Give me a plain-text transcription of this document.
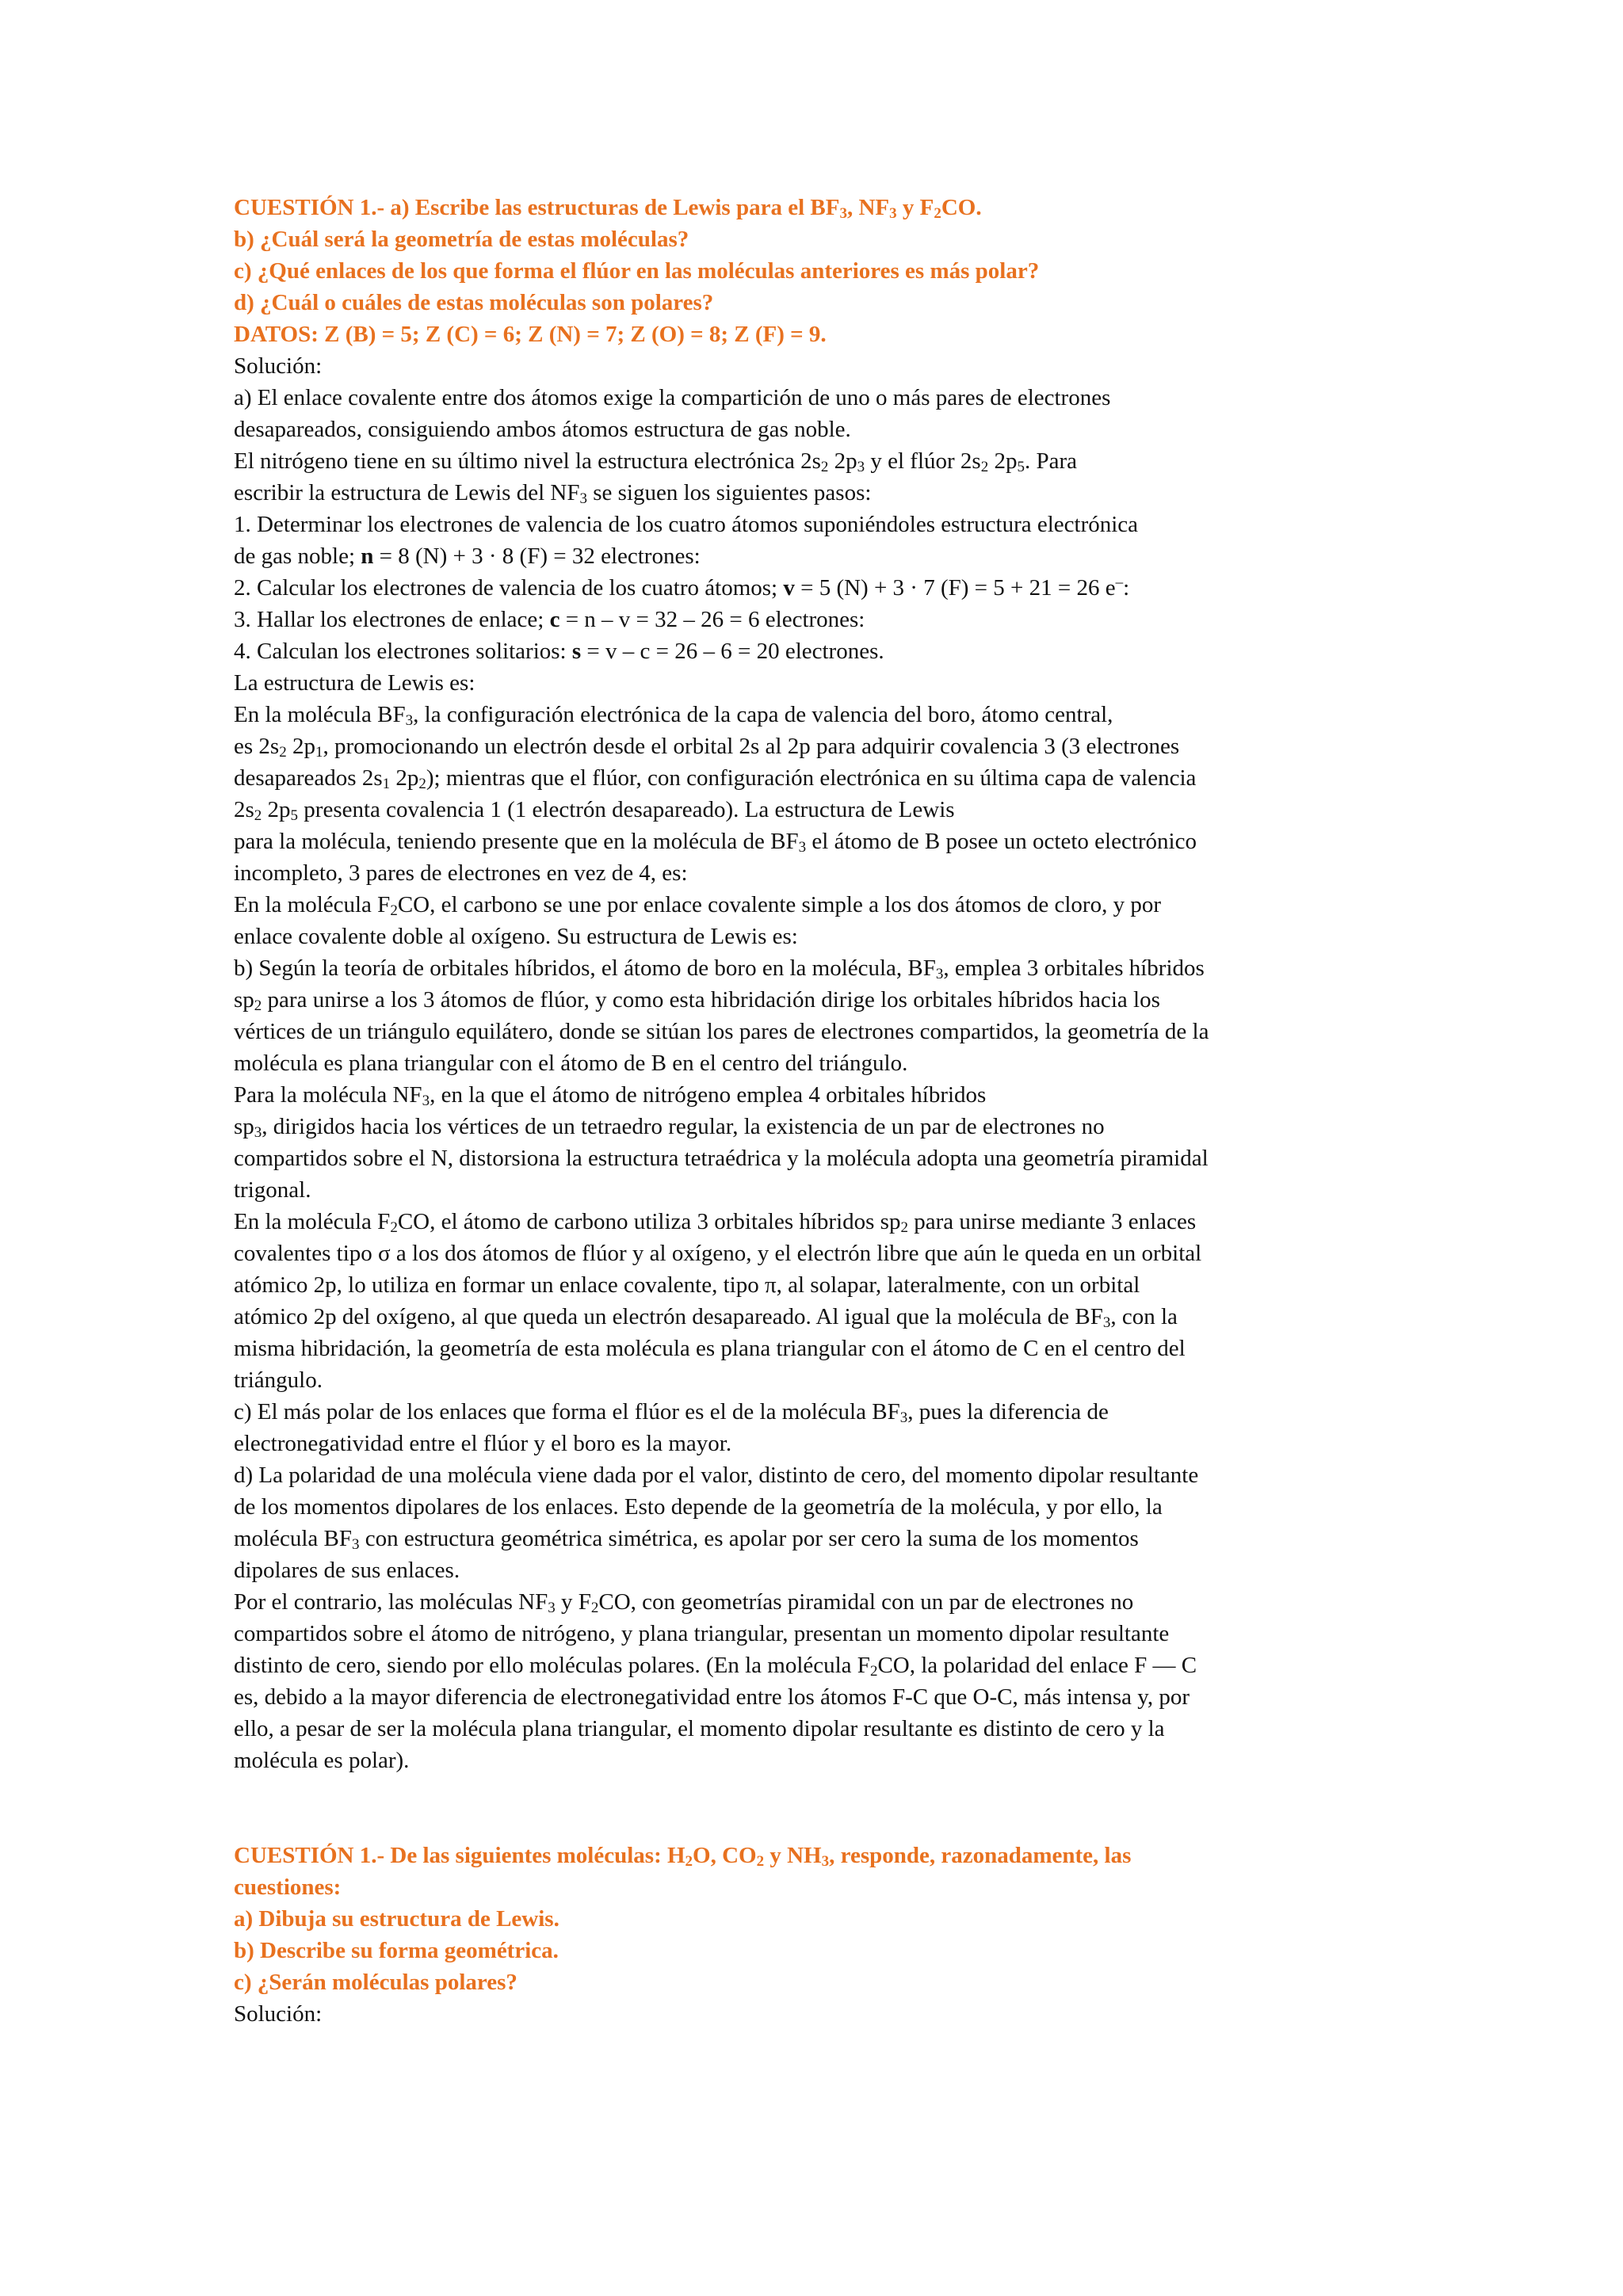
CUESTIÓN 1.- a) Escribe las estructuras de Lewis para el $BF_3$, $NF_3$ y $F_2CO$.
b) ¿Cuál será la geometría de estas moléculas?
c) ¿Qué enlaces de los que forma el flúor en las moléculas anteriores es más polar?
d) ¿Cuál o cuáles de estas moléculas son polares?
DATOS: Z (B) = 5; Z (C) = 6; Z (N) = 7; Z (O) = 8; Z (F) = 9.
Solución:
a) El enlace covalente entre dos átomos exige la compartición de uno o más pares de electrones
desapareados, consiguiendo ambos átomos estructura de gas noble.
El nitrógeno tiene en su último nivel la estructura electrónica $2s_2$ $2p_3$ y el flúor $2s_2$ $2p_5$. Para
escribir la estructura de Lewis del $NF_3$ se siguen los siguientes pasos:
1. Determinar los electrones de valencia de los cuatro átomos suponiéndoles estructura electrónica
de gas noble; n = 8 (N) + 3 · 8 (F) = 32 electrones:
2. Calcular los electrones de valencia de los cuatro átomos; v = 5 (N) + 3 · 7 (F) = 5 + 21 = 26 e–:
3. Hallar los electrones de enlace; c = n – v = 32 – 26 = 6 electrones:
4. Calculan los electrones solitarios: s = v – c = 26 – 6 = 20 electrones.
La estructura de Lewis es:
En la molécula $BF_3$, la configuración electrónica de la capa de valencia del boro, átomo central,
es $2s_2$ $2p_1$, promocionando un electrón desde el orbital 2s al 2p para adquirir covalencia 3 (3 electrones
desapareados $2s_1$ $2p_2$); mientras que el flúor, con configuración electrónica en su última capa de valencia
$2s_2$ $2p_5$ presenta covalencia 1 (1 electrón desapareado). La estructura de Lewis
para la molécula, teniendo presente que en la molécula de $BF_3$ el átomo de B posee un octeto electrónico
incompleto, 3 pares de electrones en vez de 4, es:
En la molécula $F_2CO$, el carbono se une por enlace covalente simple a los dos átomos de cloro, y por
enlace covalente doble al oxígeno. Su estructura de Lewis es:
b) Según la teoría de orbitales híbridos, el átomo de boro en la molécula, $BF_3$, emplea 3 orbitales híbridos
$sp_2$ para unirse a los 3 átomos de flúor, y como esta hibridación dirige los orbitales híbridos hacia los
vértices de un triángulo equilátero, donde se sitúan los pares de electrones compartidos, la geometría de la
molécula es plana triangular con el átomo de B en el centro del triángulo.
Para la molécula $NF_3$, en la que el átomo de nitrógeno emplea 4 orbitales híbridos
$sp_3$, dirigidos hacia los vértices de un tetraedro regular, la existencia de un par de electrones no
compartidos sobre el N, distorsiona la estructura tetraédrica y la molécula adopta una geometría piramidal
trigonal.
En la molécula $F_2CO$, el átomo de carbono utiliza 3 orbitales híbridos $sp_2$ para unirse mediante 3 enlaces
covalentes tipo σ a los dos átomos de flúor y al oxígeno, y el electrón libre que aún le queda en un orbital
atómico 2p, lo utiliza en formar un enlace covalente, tipo π, al solapar, lateralmente, con un orbital
atómico 2p del oxígeno, al que queda un electrón desapareado. Al igual que la molécula de $BF_3$, con la
misma hibridación, la geometría de esta molécula es plana triangular con el átomo de C en el centro del
triángulo.
c) El más polar de los enlaces que forma el flúor es el de la molécula $BF_3$, pues la diferencia de
electronegatividad entre el flúor y el boro es la mayor.
d) La polaridad de una molécula viene dada por el valor, distinto de cero, del momento dipolar resultante
de los momentos dipolares de los enlaces. Esto depende de la geometría de la molécula, y por ello, la
molécula $BF_3$ con estructura geométrica simétrica, es apolar por ser cero la suma de los momentos
dipolares de sus enlaces.
Por el contrario, las moléculas $NF_3$ y $F_2CO$, con geometrías piramidal con un par de electrones no
compartidos sobre el átomo de nitrógeno, y plana triangular, presentan un momento dipolar resultante
distinto de cero, siendo por ello moléculas polares. (En la molécula $F_2CO$, la polaridad del enlace F — C
es, debido a la mayor diferencia de electronegatividad entre los átomos F-C que O-C, más intensa y, por
ello, a pesar de ser la molécula plana triangular, el momento dipolar resultante es distinto de cero y la
molécula es polar).
CUESTIÓN 1.- De las siguientes moléculas: $H_2O$, $CO_2$ y $NH_3$, responde, razonadamente, las
cuestiones:
a) Dibuja su estructura de Lewis.
b) Describe su forma geométrica.
c) ¿Serán moléculas polares?
Solución:
